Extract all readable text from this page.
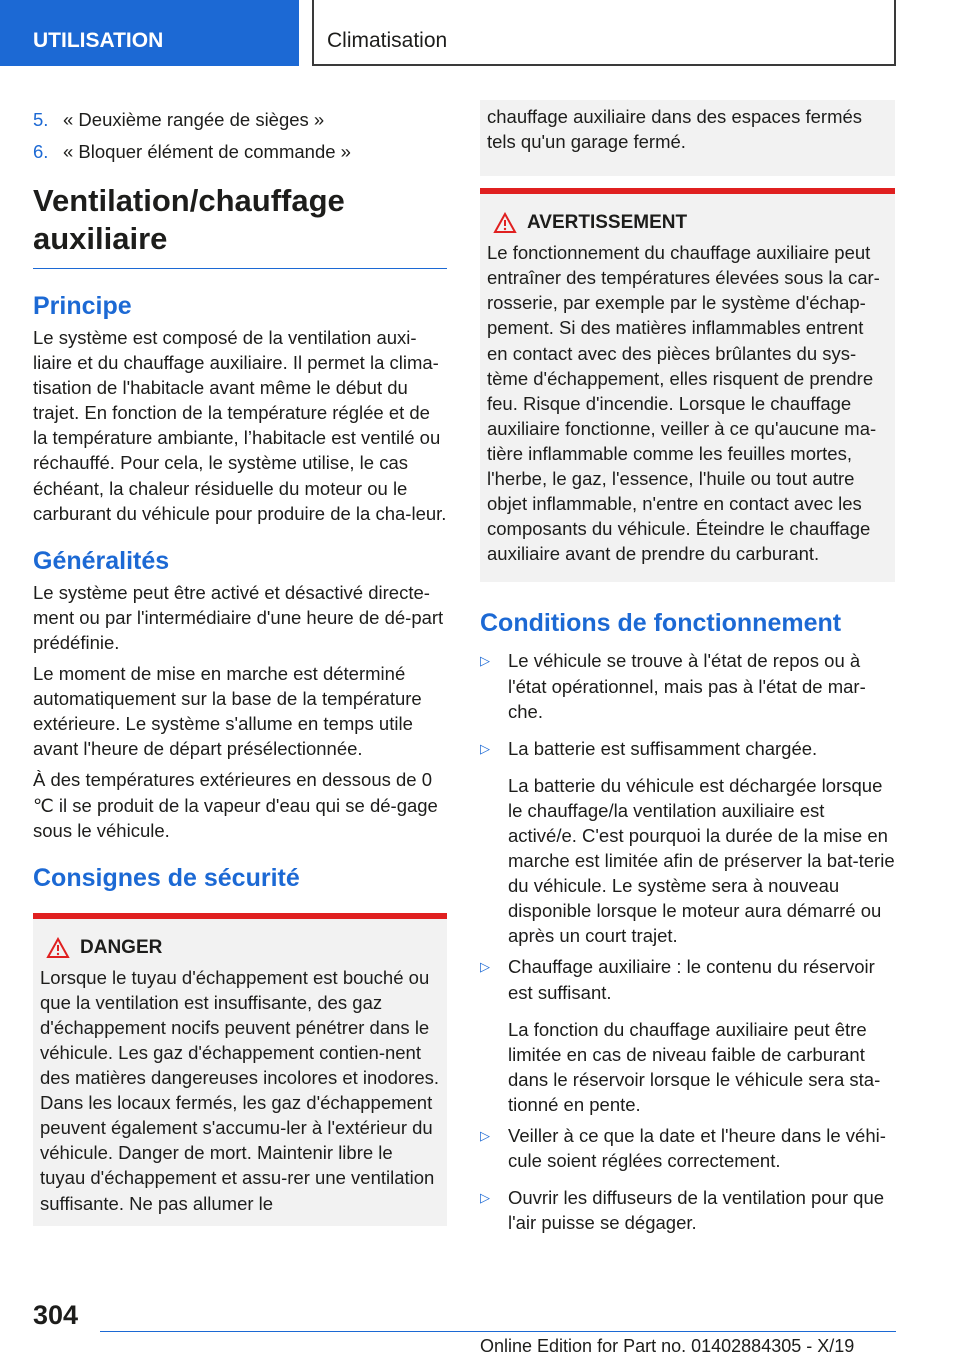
UTILISATION	Climatisation
5. « Deuxième rangée de sièges »
6. « Bloquer élément de commande »
Ventilation/chauffage
auxiliaire
Principe

Le système est composé de la ventilation auxi-liaire et du chauffage auxiliaire. Il permet la clima-tisation de l'habitacle avant même le début du trajet. En fonction de la température réglée et de la température ambiante, l’habitacle est ventilé ou réchauffé. Pour cela, le système utilise, le cas échéant, la chaleur résiduelle du moteur ou le carburant du véhicule pour produire de la cha-leur.

Généralités

Le système peut être activé et désactivé directe-ment ou par l'intermédiaire d'une heure de dé-part prédéfinie.

Le moment de mise en marche est déterminé automatiquement sur la base de la température extérieure. Le système s'allume en temps utile avant l'heure de départ présélectionnée.

À des températures extérieures en dessous de 0 ℃ il se produit de la vapeur d'eau qui se dé-gage sous le véhicule.

Consignes de sécurité
DANGER

Lorsque le tuyau d'échappement est bouché ou que la ventilation est insuffisante, des gaz d'échappement nocifs peuvent pénétrer dans le véhicule. Les gaz d'échappement contien-nent des matières dangereuses incolores et inodores. Dans les locaux fermés, les gaz d'échappement peuvent également s'accumu-ler à l'extérieur du véhicule. Danger de mort. Maintenir libre le tuyau d'échappement et assu-rer une ventilation suffisante. Ne pas allumer le

chauffage auxiliaire dans des espaces fermés tels qu'un garage fermé.

AVERTISSEMENT

Le fonctionnement du chauffage auxiliaire peut entraîner des températures élevées sous la car-rosserie, par exemple par le système d'échap-pement. Si des matières inflammables entrent en contact avec des pièces brûlantes du sys-tème d'échappement, elles risquent de prendre feu. Risque d'incendie. Lorsque le chauffage auxiliaire fonctionne, veiller à ce qu'aucune ma-tière inflammable comme les feuilles mortes, l'herbe, le gaz, l'essence, l'huile ou tout autre objet inflammable, n'entre en contact avec les composants du véhicule. Éteindre le chauffage auxiliaire avant de prendre du carburant.

Conditions de fonctionnement
▷ Le véhicule se trouve à l'état de repos ou à l'état opérationnel, mais pas à l'état de mar-che.
▷ La batterie est suffisamment chargée.

La batterie du véhicule est déchargée lorsque le chauffage/la ventilation auxiliaire est activé/e. C'est pourquoi la durée de la mise en marche est limitée afin de préserver la bat-terie du véhicule. Le système sera à nouveau disponible lorsque le moteur aura démarré ou après un court trajet.

▷ Chauffage auxiliaire : le contenu du réservoir est suffisant.

La fonction du chauffage auxiliaire peut être limitée en cas de niveau faible de carburant dans le réservoir lorsque le véhicule sera sta-tionné en pente.

▷ Veiller à ce que la date et l'heure dans le véhi-cule soient réglées correctement.
▷ Ouvrir les diffuseurs de la ventilation pour que l'air puisse se dégager.
304
Online Edition for Part no. 01402884305 - X/19
